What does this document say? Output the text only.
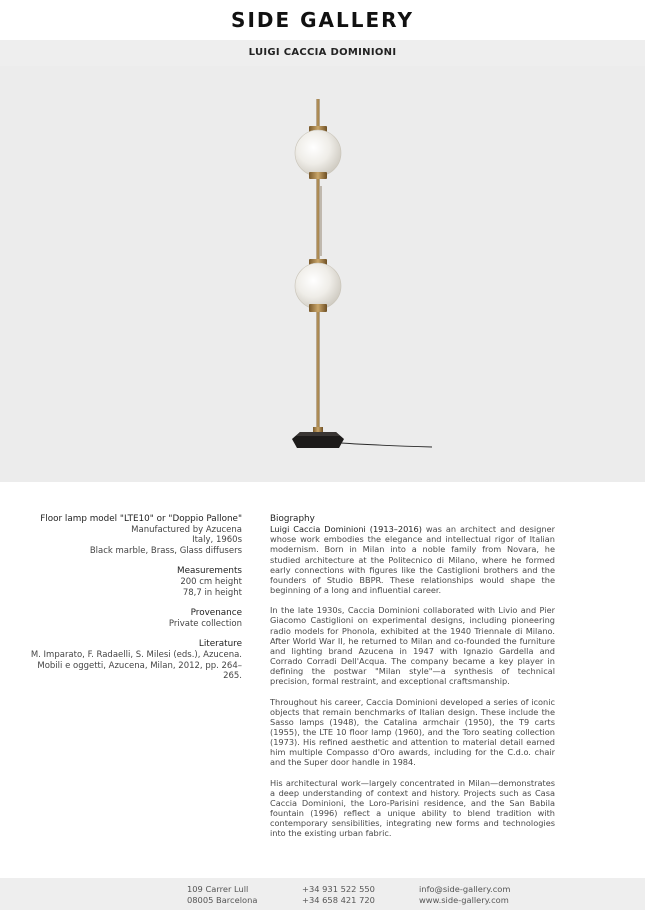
SIDE GALLERY
LUIGI CACCIA DOMINIONI
Floor lamp model "LTE10" or "Doppio Pallone"
Manufactured by Azucena
Italy, 1960s
Black marble, Brass, Glass diffusers
Measurements
200 cm height
78,7 in height
Provenance
Private collection
Literature
M. Imparato, F. Radaelli, S. Milesi (eds.), Azucena.
Mobili e oggetti, Azucena, Milan, 2012, pp. 264–265.
Biography

Luigi Caccia Dominioni (1913–2016) was an architect and designer whose work embodies the elegance and intellectual rigor of Italian modernism. Born in Milan into a noble family from Novara, he studied architecture at the Politecnico di Milano, where he formed early connections with figures like the Castiglioni brothers and the founders of Studio BBPR. These relationships would shape the beginning of a long and influential career.

In the late 1930s, Caccia Dominioni collaborated with Livio and Pier Giacomo Castiglioni on experimental designs, including pioneering radio models for Phonola, exhibited at the 1940 Triennale di Milano. After World War II, he returned to Milan and co-founded the furniture and lighting brand Azucena in 1947 with Ignazio Gardella and Corrado Corradi Dell'Acqua. The company became a key player in defining the postwar "Milan style"—a synthesis of technical precision, formal restraint, and exceptional craftsmanship.

Throughout his career, Caccia Dominioni developed a series of iconic objects that remain benchmarks of Italian design. These include the Sasso lamps (1948), the Catalina armchair (1950), the T9 carts (1955), the LTE 10 floor lamp (1960), and the Toro seating collection (1973). His refined aesthetic and attention to material detail earned him multiple Compasso d'Oro awards, including for the C.d.o. chair and the Super door handle in 1984.

His architectural work—largely concentrated in Milan—demonstrates a deep understanding of context and history. Projects such as Casa Caccia Dominioni, the Loro-Parisini residence, and the San Babila fountain (1996) reflect a unique ability to blend tradition with contemporary sensibilities, integrating new forms and technologies into the existing urban fabric.

109 Carrer Lull
08005 Barcelona
+34 931 522 550
+34 658 421 720
info@side-gallery.com
www.side-gallery.com
